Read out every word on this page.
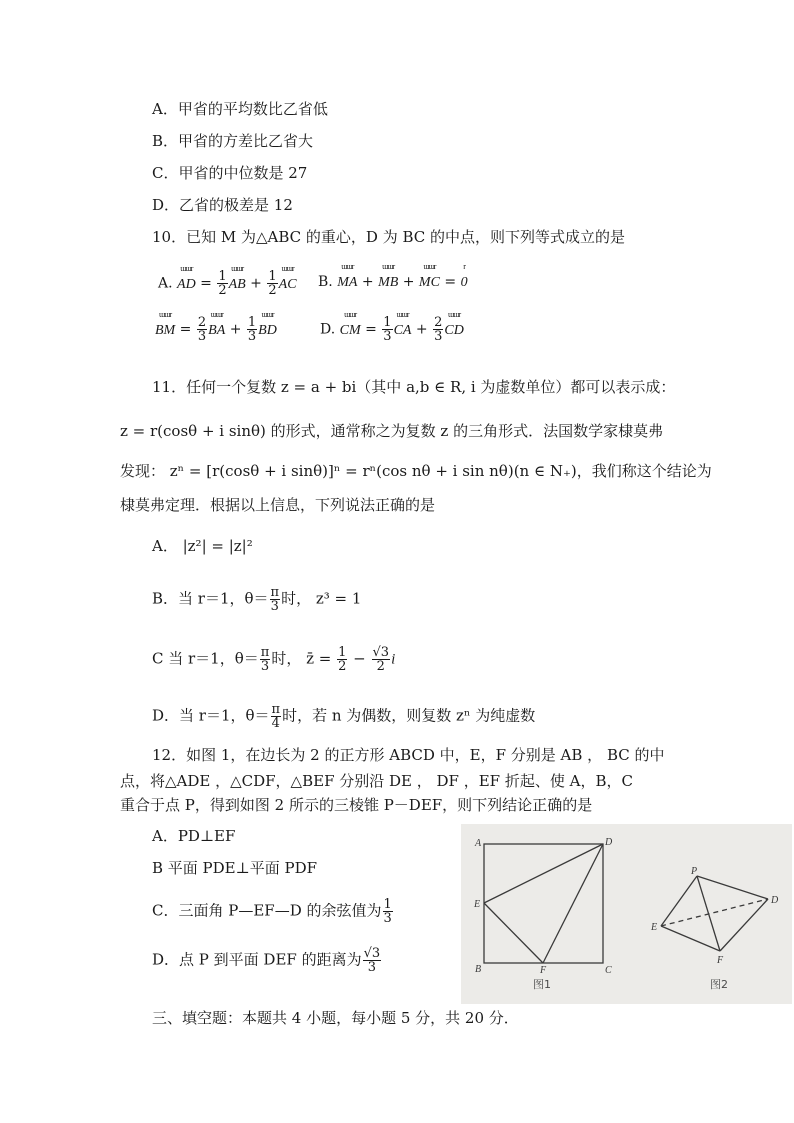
A．甲省的平均数比乙省低
B．甲省的方差比乙省大
C．甲省的中位数是 27
D．乙省的极差是 12
10．已知 M 为△ABC 的重心，D 为 BC 的中点，则下列等式成立的是
A. AD
ɯɯr
= $\frac{1}{2}$ AB
ɯɯr
+ $\frac{1}{2}$ AC
ɯɯr
B. MA
ɯɯr
+ MB
ɯɯr
+ MC
ɯɯr
= 0
r
BM
ɯɯr
= $\frac{2}{3}$ BA
ɯɯr
+ $\frac{1}{3}$ BD
ɯɯr
D. CM
ɯɯr
= $\frac{1}{3}$ CA
ɯɯr
+ $\frac{2}{3}$ CD
ɯɯr
11．任何一个复数 z = a + bi（其中 a,b ∈ R, i 为虚数单位）都可以表示成：
z = r(cosθ + i sinθ) 的形式，通常称之为复数 z 的三角形式．法国数学家棣莫弗
发现： zⁿ = [r(cosθ + i sinθ)]ⁿ = rⁿ(cos nθ + i sin nθ)(n ∈ N₊)，我们称这个结论为
棣莫弗定理．根据以上信息，下列说法正确的是
A． |z²| = |z|²
B．当 r＝1，$\theta= \frac{\pi}{3}$ 时， z³ = 1
C 当 r＝1，$\theta= \frac{\pi}{3}$ 时， z̄ = $\frac{1}{2} - \frac{√3}{2}$ i
D．当 r＝1，$\theta= \frac{\pi}{4}$ 时，若 n 为偶数，则复数 zⁿ 为纯虚数
12．如图 1，在边长为 2 的正方形 ABCD 中，E，F 分别是 AB ， BC 的中
点，将△ADE ，△CDF，△BEF 分别沿 DE ， DF ，EF 折起、使 A，B，C
重合于点 P，得到如图 2 所示的三棱锥 P－DEF，则下列结论正确的是
A．PD⊥EF
B 平面 PDE⊥平面 PDF
C．三面角 P—EF—D 的余弦值为 $\frac{1}{3}$
D．点 P 到平面 DEF 的距离为 $\frac{√3}{3}$
A	D
E
B	F	C
P
E
D
F
图1	图2
三、填空题：本题共 4 小题，每小题 5 分，共 20 分．
